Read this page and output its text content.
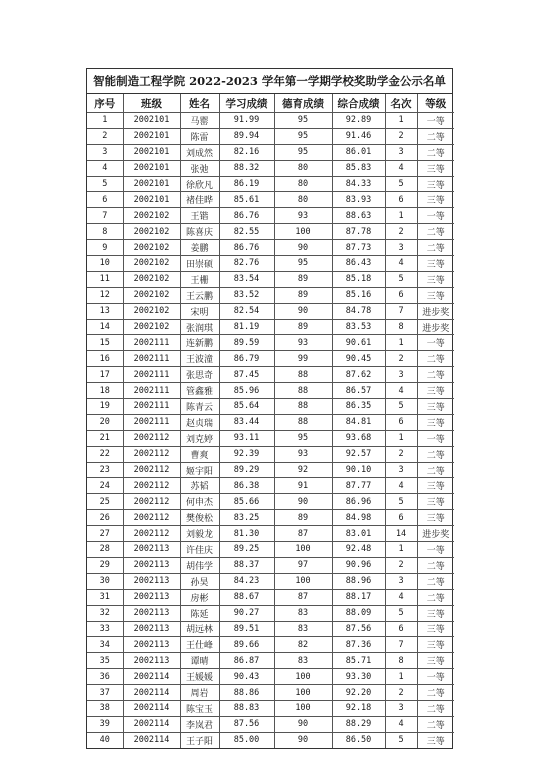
智能制造工程学院 2022-2023 学年第一学期学校奖助学金公示名单
序号	班级	姓名	学习成绩	德育成绩	综合成绩	名次	等级
1	2002101	马罂	91.99	95	92.89	1	一等
2	2002101	陈雷	89.94	95	91.46	2	二等
3	2002101	刘成然	82.16	95	86.01	3	二等
4	2002101	张弛	88.32	80	85.83	4	三等
5	2002101	徐欣凡	86.19	80	84.33	5	三等
6	2002101	褚佳晔	85.61	80	83.93	6	三等
7	2002102	王锴	86.76	93	88.63	1	一等
8	2002102	陈喜庆	82.55	100	87.78	2	二等
9	2002102	姜鹏	86.76	90	87.73	3	二等
10	2002102	田崇硕	82.76	95	86.43	4	三等
11	2002102	王栅	83.54	89	85.18	5	三等
12	2002102	王云鹏	83.52	89	85.16	6	三等
13	2002102	宋明	82.54	90	84.78	7	进步奖
14	2002102	张润琪	81.19	89	83.53	8	进步奖
15	2002111	连新鹏	89.59	93	90.61	1	一等
16	2002111	王波潼	86.79	99	90.45	2	二等
17	2002111	张思奇	87.45	88	87.62	3	二等
18	2002111	管鑫雅	85.96	88	86.57	4	三等
19	2002111	陈青云	85.64	88	86.35	5	三等
20	2002111	赵贞瑞	83.44	88	84.81	6	三等
21	2002112	刘克婷	93.11	95	93.68	1	一等
22	2002112	曹爽	92.39	93	92.57	2	二等
23	2002112	姬宇阳	89.29	92	90.10	3	二等
24	2002112	苏韬	86.38	91	87.77	4	三等
25	2002112	何申杰	85.66	90	86.96	5	三等
26	2002112	樊俊松	83.25	89	84.98	6	三等
27	2002112	刘毅龙	81.30	87	83.01	14	进步奖
28	2002113	许佳庆	89.25	100	92.48	1	一等
29	2002113	胡伟学	88.37	97	90.96	2	二等
30	2002113	孙昊	84.23	100	88.96	3	二等
31	2002113	房彬	88.67	87	88.17	4	二等
32	2002113	陈延	90.27	83	88.09	5	三等
33	2002113	胡远林	89.51	83	87.56	6	三等
34	2002113	王仕峰	89.66	82	87.36	7	三等
35	2002113	谭晴	86.87	83	85.71	8	三等
36	2002114	王媛媛	90.43	100	93.30	1	一等
37	2002114	周岩	88.86	100	92.20	2	二等
38	2002114	陈宝玉	88.83	100	92.18	3	二等
39	2002114	李岚君	87.56	90	88.29	4	二等
40	2002114	王子阳	85.00	90	86.50	5	三等
